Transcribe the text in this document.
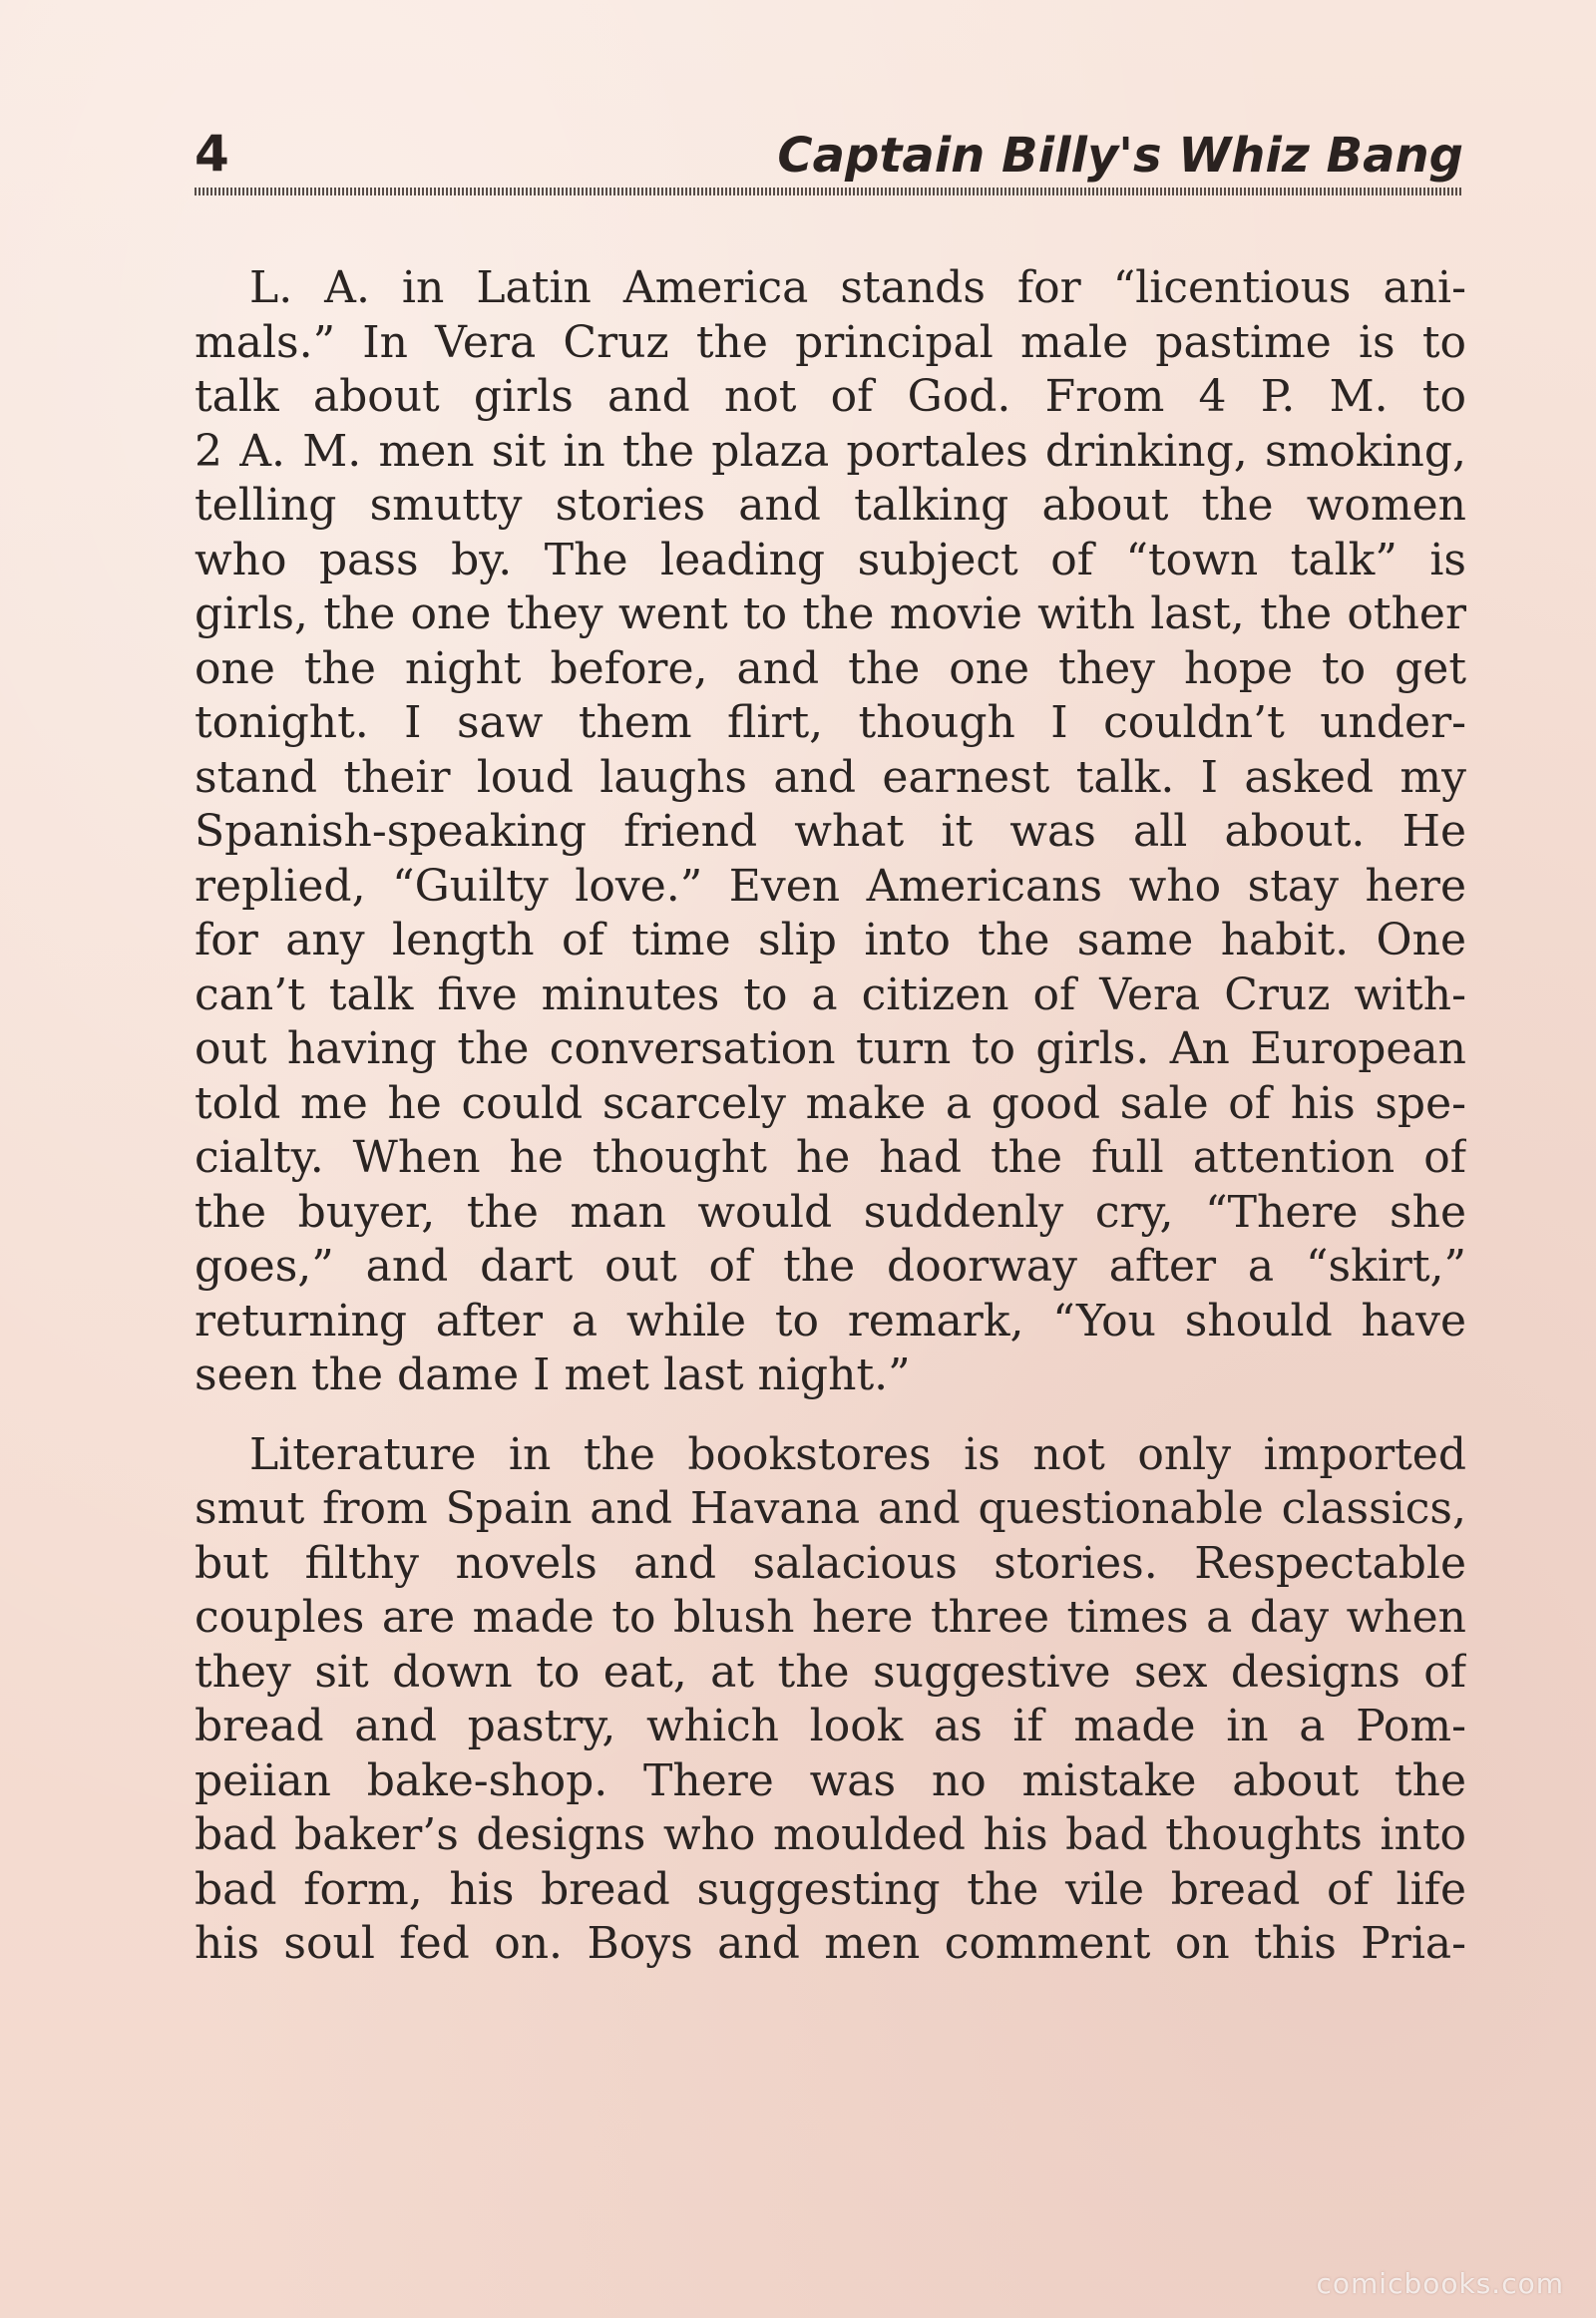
4	Captain Billy's Whiz Bang
L. A. in Latin America stands for “licentious ani-
mals.” In Vera Cruz the principal male pastime is to
talk about girls and not of God. From 4 P. M. to
2 A. M. men sit in the plaza portales drinking, smoking,
telling smutty stories and talking about the women
who pass by. The leading subject of “town talk” is
girls, the one they went to the movie with last, the other
one the night before, and the one they hope to get
tonight. I saw them flirt, though I couldn’t under-
stand their loud laughs and earnest talk. I asked my
Spanish-speaking friend what it was all about. He
replied, “Guilty love.” Even Americans who stay here
for any length of time slip into the same habit. One
can’t talk five minutes to a citizen of Vera Cruz with-
out having the conversation turn to girls. An European
told me he could scarcely make a good sale of his spe-
cialty. When he thought he had the full attention of
the buyer, the man would suddenly cry, “There she
goes,” and dart out of the doorway after a “skirt,”
returning after a while to remark, “You should have
seen the dame I met last night.”
Literature in the bookstores is not only imported
smut from Spain and Havana and questionable classics,
but filthy novels and salacious stories. Respectable
couples are made to blush here three times a day when
they sit down to eat, at the suggestive sex designs of
bread and pastry, which look as if made in a Pom-
peiian bake-shop. There was no mistake about the
bad baker’s designs who moulded his bad thoughts into
bad form, his bread suggesting the vile bread of life
his soul fed on. Boys and men comment on this Pria-
comicbooks.com
